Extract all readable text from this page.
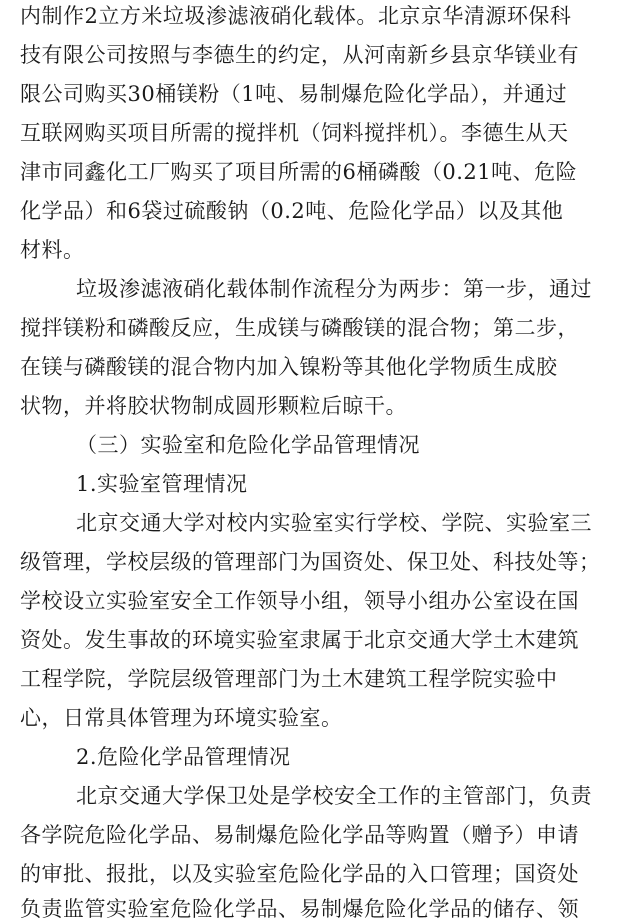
内制作2立方米垃圾渗滤液硝化载体。北京京华清源环保科
技有限公司按照与李德生的约定，从河南新乡县京华镁业有
限公司购买30桶镁粉（1吨、易制爆危险化学品），并通过
互联网购买项目所需的搅拌机（饲料搅拌机）。李德生从天
津市同鑫化工厂购买了项目所需的6桶磷酸（0.21吨、危险
化学品）和6袋过硫酸钠（0.2吨、危险化学品）以及其他
材料。
垃圾渗滤液硝化载体制作流程分为两步：第一步，通过
搅拌镁粉和磷酸反应，生成镁与磷酸镁的混合物；第二步，
在镁与磷酸镁的混合物内加入镍粉等其他化学物质生成胶
状物，并将胶状物制成圆形颗粒后晾干。
（三）实验室和危险化学品管理情况
1.实验室管理情况
北京交通大学对校内实验室实行学校、学院、实验室三
级管理，学校层级的管理部门为国资处、保卫处、科技处等；
学校设立实验室安全工作领导小组，领导小组办公室设在国
资处。发生事故的环境实验室隶属于北京交通大学土木建筑
工程学院，学院层级管理部门为土木建筑工程学院实验中
心，日常具体管理为环境实验室。
2.危险化学品管理情况
北京交通大学保卫处是学校安全工作的主管部门，负责
各学院危险化学品、易制爆危险化学品等购置（赠予）申请
的审批、报批，以及实验室危险化学品的入口管理；国资处
负责监管实验室危险化学品、易制爆危险化学品的储存、领
